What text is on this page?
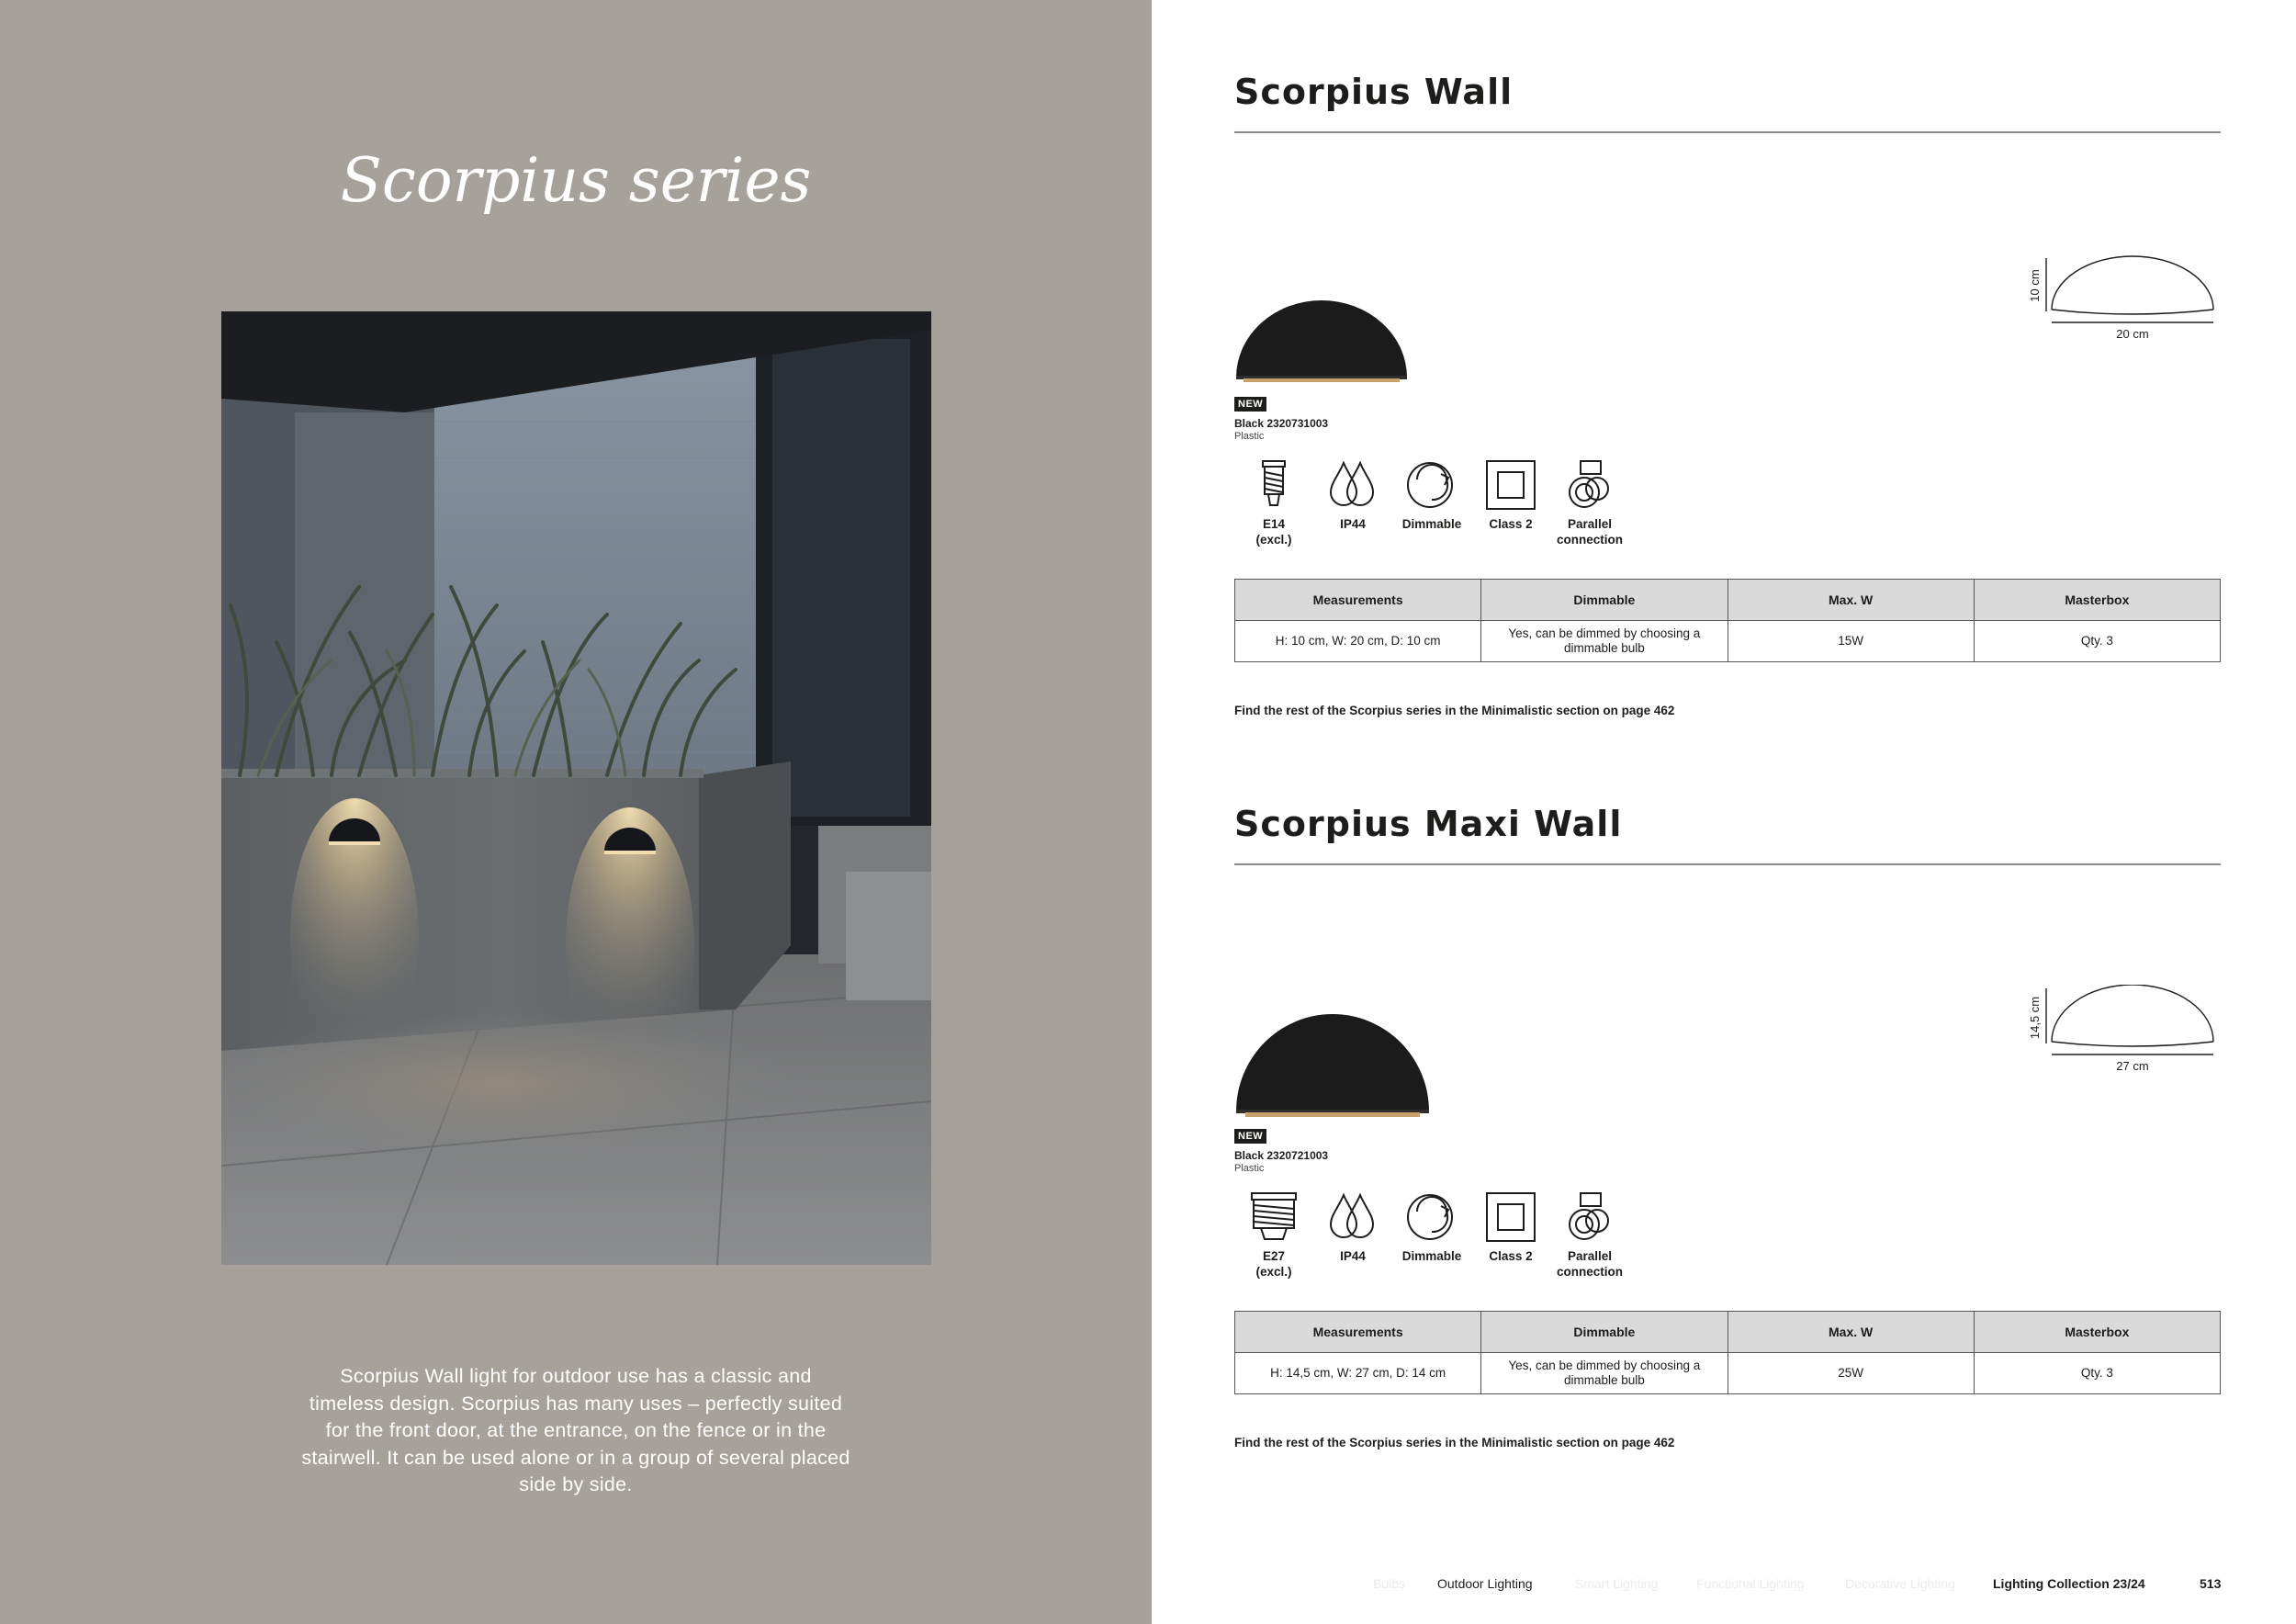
Scorpius series

Scorpius Wall light for outdoor use has a classic and timeless design. Scorpius has many uses – perfectly suited for the front door, at the entrance, on the fence or in the stairwell. It can be used alone or in a group of several placed side by side.

Scorpius Wall
NEW
Black 2320731003
Plastic
E14
(excl.)
IP44	Dimmable	Class 2	Parallel
connection
Measurements	Dimmable	Max. W	Masterbox
H: 10 cm, W: 20 cm, D: 10 cm	Yes, can be dimmed by choosing a dimmable bulb	15W	Qty. 3
Find the rest of the Scorpius series in the Minimalistic section on page 462
10 cm
20 cm
Scorpius Maxi Wall
NEW
Black 2320721003
Plastic
E27
(excl.)
IP44	Dimmable	Class 2	Parallel
connection
Measurements	Dimmable	Max. W	Masterbox
H: 14,5 cm, W: 27 cm, D: 14 cm	Yes, can be dimmed by choosing a dimmable bulb	25W	Qty. 3
Find the rest of the Scorpius series in the Minimalistic section on page 462
14,5 cm
27 cm
Bulbs Outdoor Lighting	Smart Lighting	Functional Lighting	Decorative Lighting	Lighting Collection 23/24	513
